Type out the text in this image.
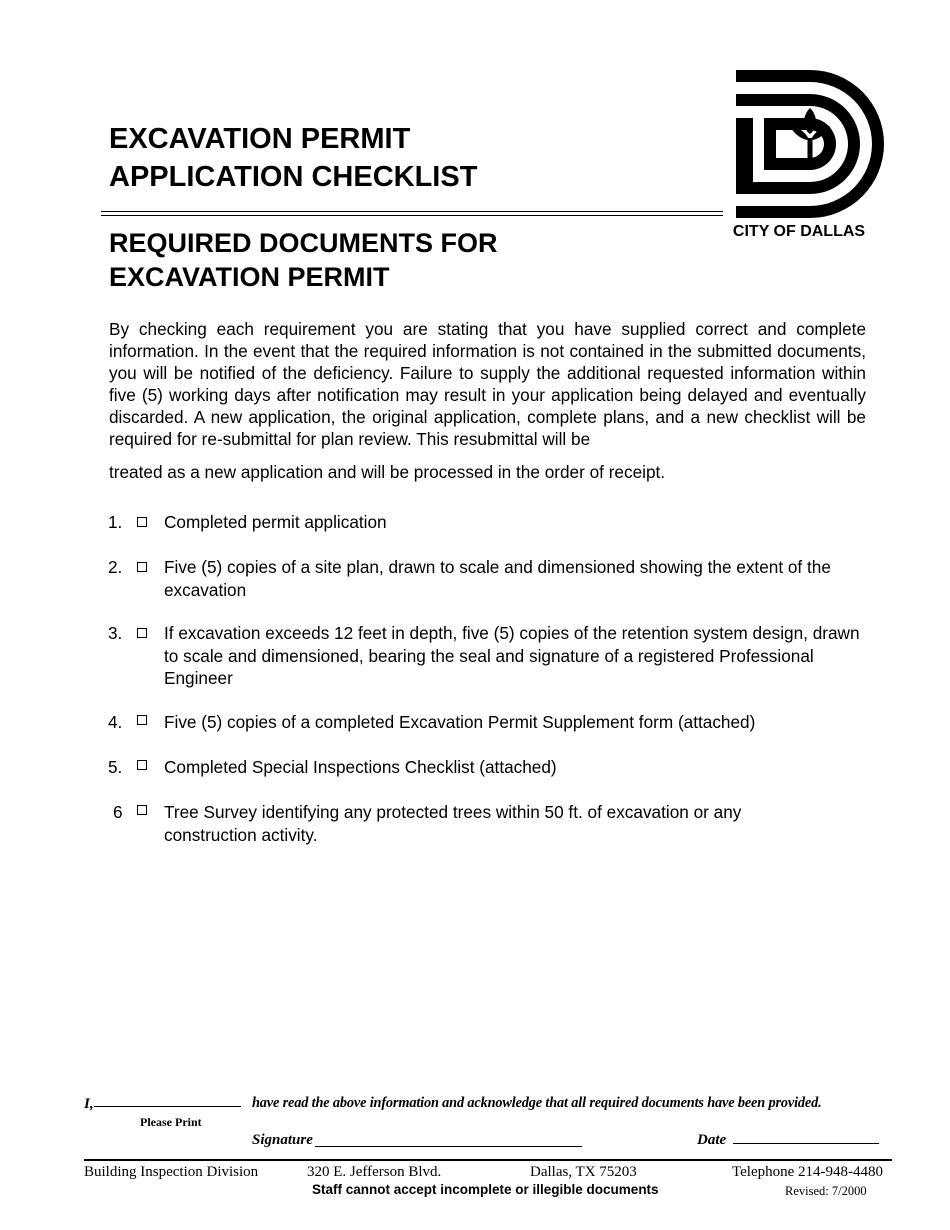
EXCAVATION PERMIT
APPLICATION CHECKLIST
CITY OF DALLAS
REQUIRED DOCUMENTS FOR
EXCAVATION PERMIT

By checking each requirement you are stating that you have supplied correct and complete information. In the event that the required information is not contained in the submitted documents, you will be notified of the deficiency. Failure to supply the additional requested information within five (5) working days after notification may result in your application being delayed and eventually discarded. A new application, the original application, complete plans, and a new checklist will be required for re-submittal for plan review. This resubmittal will be

treated as a new application and will be processed in the order of receipt.
1.	Completed permit application
2.	Five (5) copies of a site plan, drawn to scale and dimensioned showing the extent of the excavation
3.	If excavation exceeds 12 feet in depth, five (5) copies of the retention system design, drawn to scale and dimensioned, bearing the seal and signature of a registered Professional Engineer
4.	Five (5) copies of a completed Excavation Permit Supplement form (attached)
5.	Completed Special Inspections Checklist (attached)
6	Tree Survey identifying any protected trees within 50 ft. of excavation or any construction activity.
I,	have read the above information and acknowledge that all required documents have been provided.
Please Print
Signature	Date
Building Inspection Division	320 E. Jefferson Blvd.	Dallas, TX 75203	Telephone 214-948-4480
Staff cannot accept incomplete or illegible documents	Revised: 7/2000
